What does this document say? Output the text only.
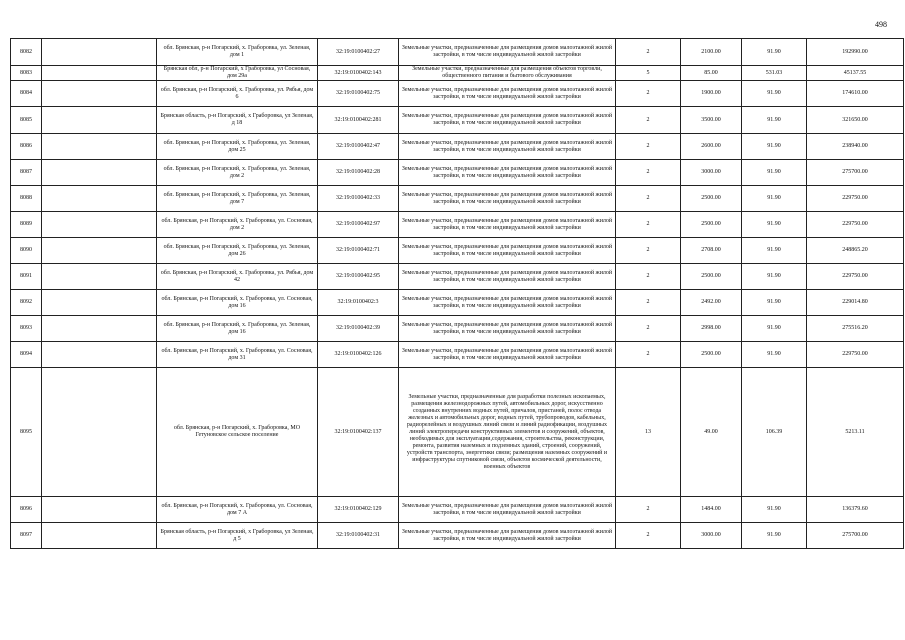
498
8082		обл. Брянская, р-н Погарский, х. Граборовка, ул. Зеленая, дом 1	32:19:0100402:27	Земельные участки, предназначенные для размещения домов малоэтажной жилой застройки, в том числе индивидуальной жилой застройки	2	2100.00	91.90	192990.00
8083		Брянская обл, р-н Погарский, х Граборовка, ул Сосновая, дом 29а	32:19:0100402:143	Земельные участки, предназначенные для размещения объектов торговли, общественного питания и бытового обслуживания	5	85.00	531.03	45137.55
8084		обл. Брянская, р-н Погарский, х. Граборовка, ул. Рябья, дом 6	32:19:0100402:75	Земельные участки, предназначенные для размещения домов малоэтажной жилой застройки, в том числе индивидуальной жилой застройки	2	1900.00	91.90	174610.00
8085		Брянская область, р-н Погарский, х Граборовка, ул Зеленая, д 18	32:19:0100402:281	Земельные участки, предназначенные для размещения домов малоэтажной жилой застройки, в том числе индивидуальной жилой застройки	2	3500.00	91.90	321650.00
8086		обл. Брянская, р-н Погарский, х. Граборовка, ул. Зеленая, дом 25	32:19:0100402:47	Земельные участки, предназначенные для размещения домов малоэтажной жилой застройки, в том числе индивидуальной жилой застройки	2	2600.00	91.90	238940.00
8087		обл. Брянская, р-н Погарский, х. Граборовка, ул. Зеленая, дом 2	32:19:0100402:28	Земельные участки, предназначенные для размещения домов малоэтажной жилой застройки, в том числе индивидуальной жилой застройки	2	3000.00	91.90	275700.00
8088		обл. Брянская, р-н Погарский, х. Граборовка, ул. Зеленая, дом 7	32:19:0100402:33	Земельные участки, предназначенные для размещения домов малоэтажной жилой застройки, в том числе индивидуальной жилой застройки	2	2500.00	91.90	229750.00
8089		обл. Брянская, р-н Погарский, х. Граборовка, ул. Сосновая, дом 2	32:19:0100402:97	Земельные участки, предназначенные для размещения домов малоэтажной жилой застройки, в том числе индивидуальной жилой застройки	2	2500.00	91.90	229750.00
8090		обл. Брянская, р-н Погарский, х. Граборовка, ул. Зеленая, дом 26	32:19:0100402:71	Земельные участки, предназначенные для размещения домов малоэтажной жилой застройки, в том числе индивидуальной жилой застройки	2	2708.00	91.90	248865.20
8091		обл. Брянская, р-н Погарский, х. Граборовка, ул. Рябья, дом 42	32:19:0100402:95	Земельные участки, предназначенные для размещения домов малоэтажной жилой застройки, в том числе индивидуальной жилой застройки	2	2500.00	91.90	229750.00
8092		обл. Брянская, р-н Погарский, х. Граборовка, ул. Сосновая, дом 16	32:19:0100402:3	Земельные участки, предназначенные для размещения домов малоэтажной жилой застройки, в том числе индивидуальной жилой застройки	2	2492.00	91.90	229014.80
8093		обл. Брянская, р-н Погарский, х. Граборовка, ул. Зеленая, дом 16	32:19:0100402:39	Земельные участки, предназначенные для размещения домов малоэтажной жилой застройки, в том числе индивидуальной жилой застройки	2	2998.00	91.90	275516.20
8094		обл. Брянская, р-н Погарский, х. Граборовка, ул. Сосновая, дом 31	32:19:0100402:126	Земельные участки, предназначенные для размещения домов малоэтажной жилой застройки, в том числе индивидуальной жилой застройки	2	2500.00	91.90	229750.00
8095		обл. Брянская, р-н Погарский, х. Граборовка, МО Гетуновское сельское поселение	32:19:0100402:137	Земельные участки, предназначенные для разработки полезных ископаемых, размещения железнодорожных путей, автомобильных дорог, искусственно созданных внутренних водных путей, причалов, пристаней, полос отвода железных и автомобильных дорог, водных путей, трубопроводов, кабельных, радиорелейных и воздушных линий связи и линий радиофикации, воздушных линий электропередачи конструктивных элементов и сооружений, объектов, необходимых для эксплуатации,содержания, строительства, реконструкции, ремонта, развития наземных и подземных зданий, строений, сооружений, устройств транспорта, энергетики связи; размещения наземных сооружений и инфраструктуры спутниковой связи, объектов космической деятельности, военных объектов	13	49.00	106.39	5213.11
8096		обл. Брянская, р-н Погарский, х. Граборовка, ул. Сосновая, дом 7 А	32:19:0100402:129	Земельные участки, предназначенные для размещения домов малоэтажной жилой застройки, в том числе индивидуальной жилой застройки	2	1484.00	91.90	136379.60
8097		Брянская область, р-н Погарский, х Граборовка, ул Зеленая, д 5	32:19:0100402:31	Земельные участки, предназначенные для размещения домов малоэтажной жилой застройки, в том числе индивидуальной жилой застройки	2	3000.00	91.90	275700.00
